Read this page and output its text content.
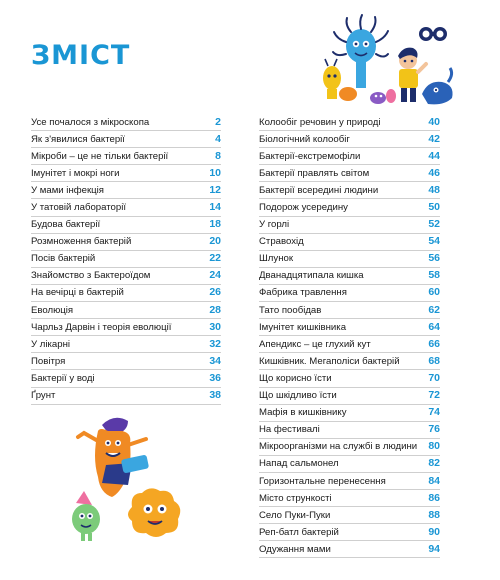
ЗМІСТ
Усе почалося з мікроскопа	2
Як з'явилися бактерії	4
Мікроби – це не тільки бактерії	8
Імунітет і мокрі ноги	10
У мами інфекція	12
У татовій лабораторії	14
Будова бактерії	18
Розмноження бактерій	20
Посів бактерій	22
Знайомство з Бактероїдом	24
На вечірці в бактерій	26
Еволюція	28
Чарльз Дарвін і теорія еволюції	30
У лікарні	32
Повітря	34
Бактерії у воді	36
Ґрунт	38
Колообіг речовин у природі	40
Біологічний колообіг	42
Бактерії-екстремофіли	44
Бактерії правлять світом	46
Бактерії всередині людини	48
Подорож усередину	50
У горлі	52
Стравохід	54
Шлунок	56
Дванадцятипала кишка	58
Фабрика травлення	60
Тато пообідав	62
Імунітет кишківника	64
Апендикс – це глухий кут	66
Кишківник. Мегаполіси бактерій	68
Що корисно їсти	70
Що шкідливо їсти	72
Мафія в кишківнику	74
На фестивалі	76
Мікроорганізми на службі в людини 80
Напад сальмонел	82
Горизонтальне перенесення	84
Місто стрункості	86
Село Пуки-Пуки	88
Реп-батл бактерій	90
Одужання мами	94
